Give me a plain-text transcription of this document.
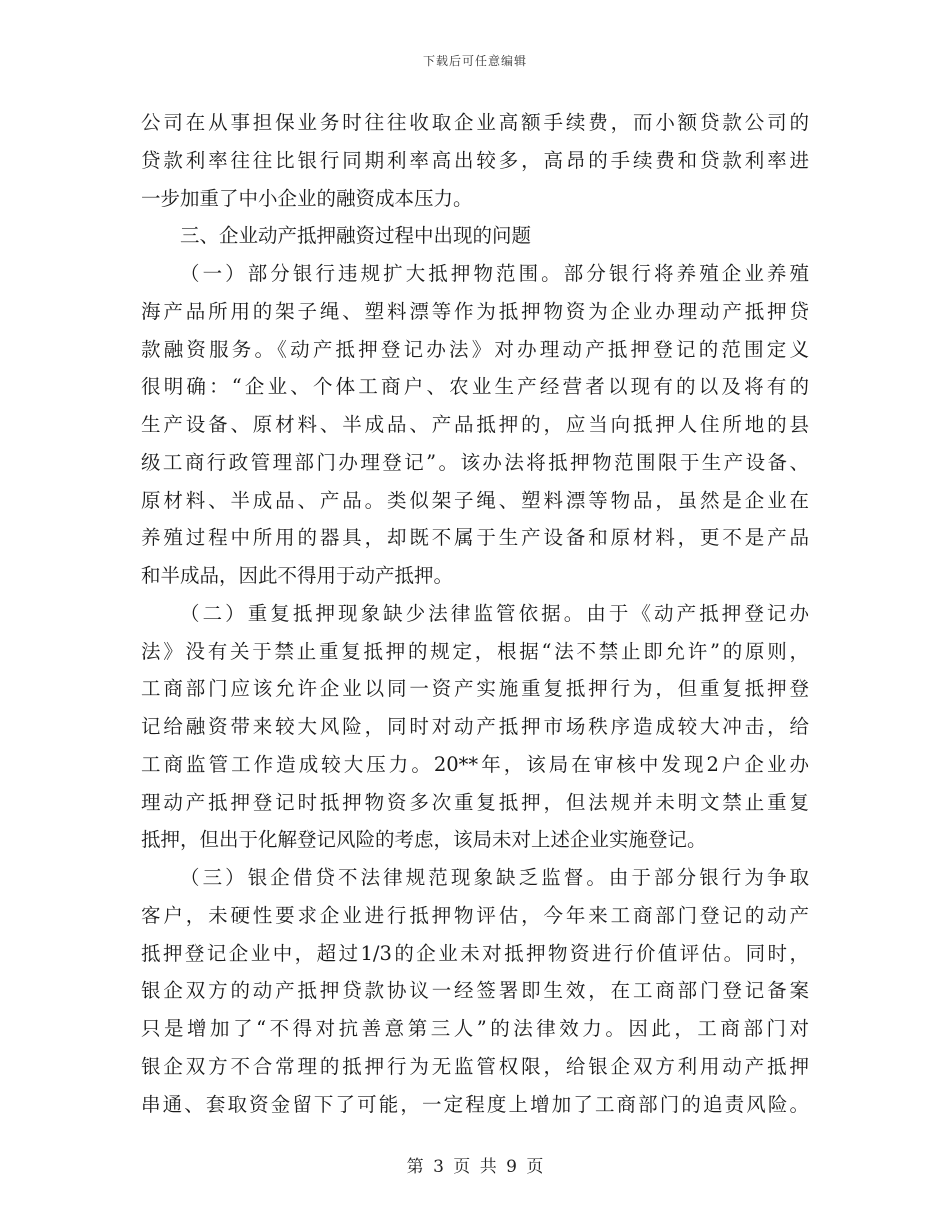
下载后可任意编辑
公司在从事担保业务时往往收取企业高额手续费，而小额贷款公司的
贷款利率往往比银行同期利率高出较多，高昂的手续费和贷款利率进
一步加重了中小企业的融资成本压力。
三、企业动产抵押融资过程中出现的问题
（一）部分银行违规扩大抵押物范围。部分银行将养殖企业养殖
海产品所用的架子绳、塑料漂等作为抵押物资为企业办理动产抵押贷
款融资服务。《动产抵押登记办法》对办理动产抵押登记的范围定义
很明确：“企业、个体工商户、农业生产经营者以现有的以及将有的
生产设备、原材料、半成品、产品抵押的，应当向抵押人住所地的县
级工商行政管理部门办理登记”。该办法将抵押物范围限于生产设备、
原材料、半成品、产品。类似架子绳、塑料漂等物品，虽然是企业在
养殖过程中所用的器具，却既不属于生产设备和原材料，更不是产品
和半成品，因此不得用于动产抵押。
（二）重复抵押现象缺少法律监管依据。由于《动产抵押登记办
法》没有关于禁止重复抵押的规定，根据“法不禁止即允许”的原则，
工商部门应该允许企业以同一资产实施重复抵押行为，但重复抵押登
记给融资带来较大风险，同时对动产抵押市场秩序造成较大冲击，给
工商监管工作造成较大压力。20**年，该局在审核中发现2户企业办
理动产抵押登记时抵押物资多次重复抵押，但法规并未明文禁止重复
抵押，但出于化解登记风险的考虑，该局未对上述企业实施登记。
（三）银企借贷不法律规范现象缺乏监督。由于部分银行为争取
客户，未硬性要求企业进行抵押物评估，今年来工商部门登记的动产
抵押登记企业中，超过1/3的企业未对抵押物资进行价值评估。同时，
银企双方的动产抵押贷款协议一经签署即生效，在工商部门登记备案
只是增加了“不得对抗善意第三人”的法律效力。因此，工商部门对
银企双方不合常理的抵押行为无监管权限，给银企双方利用动产抵押
串通、套取资金留下了可能，一定程度上增加了工商部门的追责风险。
第 3 页 共 9 页
